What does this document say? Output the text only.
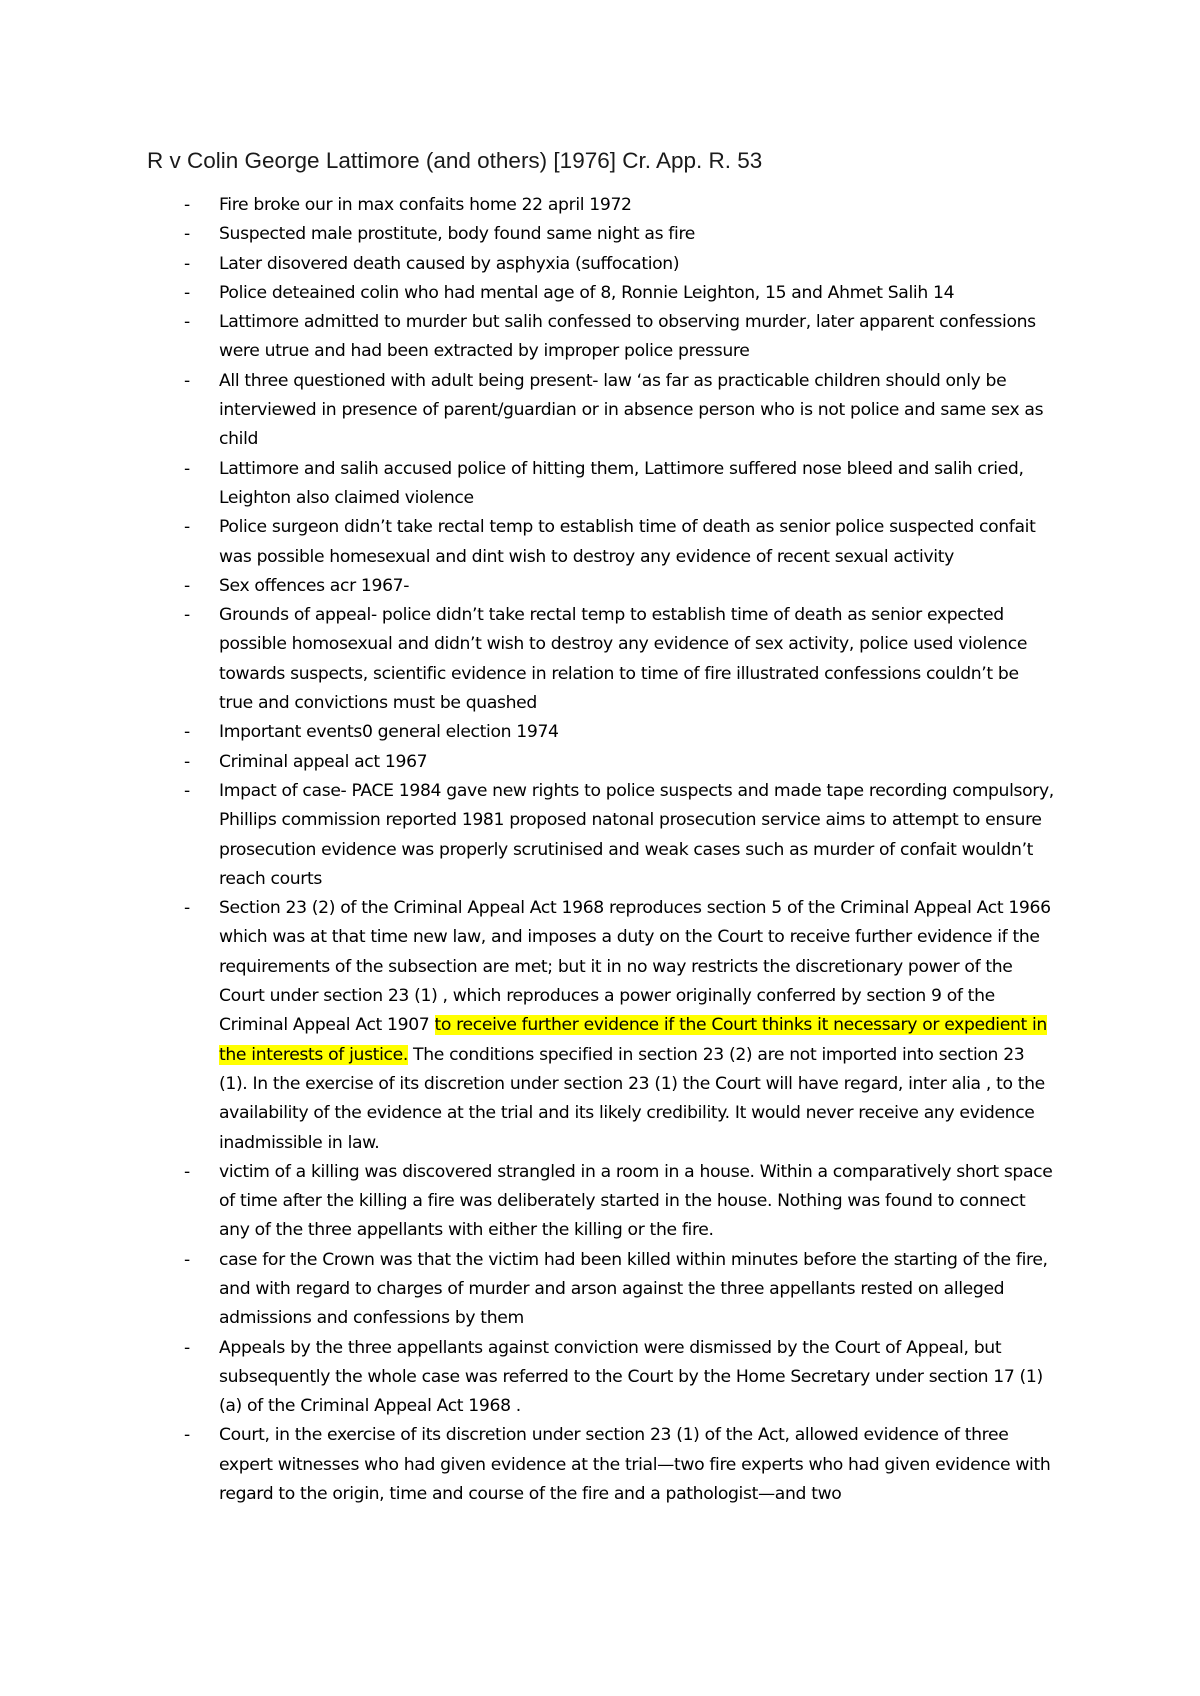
R v Colin George Lattimore (and others) [1976] Cr. App. R. 53
- Fire broke our in max confaits home 22 april 1972
- Suspected male prostitute, body found same night as fire
- Later disovered death caused by asphyxia (suffocation)
- Police deteained colin who had mental age of 8, Ronnie Leighton, 15 and Ahmet Salih 14
- Lattimore admitted to murder but salih confessed to observing murder, later apparent confessions were utrue and had been extracted by improper police pressure
- All three questioned with adult being present- law ‘as far as practicable children should only be interviewed in presence of parent/guardian or in absence person who is not police and same sex as child
- Lattimore and salih accused police of hitting them, Lattimore suffered nose bleed and salih cried, Leighton also claimed violence
- Police surgeon didn’t take rectal temp to establish time of death as senior police suspected confait was possible homesexual and dint wish to destroy any evidence of recent sexual activity
- Sex offences acr 1967-
- Grounds of appeal- police didn’t take rectal temp to establish time of death as senior expected possible homosexual and didn’t wish to destroy any evidence of sex activity, police used violence towards suspects, scientific evidence in relation to time of fire illustrated confessions couldn’t be true and convictions must be quashed
- Important events0 general election 1974
- Criminal appeal act 1967
- Impact of case- PACE 1984 gave new rights to police suspects and made tape recording compulsory, Phillips commission reported 1981 proposed natonal prosecution service aims to attempt to ensure prosecution evidence was properly scrutinised and weak cases such as murder of confait wouldn’t reach courts
- Section 23 (2) of the Criminal Appeal Act 1968 reproduces section 5 of the Criminal Appeal Act 1966 which was at that time new law, and imposes a duty on the Court to receive further evidence if the requirements of the subsection are met; but it in no way restricts the discretionary power of the Court under section 23 (1) , which reproduces a power originally conferred by section 9 of the Criminal Appeal Act 1907 to receive further evidence if the Court thinks it necessary or expedient in the interests of justice. The conditions specified in section 23 (2) are not imported into section 23 (1). In the exercise of its discretion under section 23 (1) the Court will have regard, inter alia , to the availability of the evidence at the trial and its likely credibility. It would never receive any evidence inadmissible in law.
- victim of a killing was discovered strangled in a room in a house. Within a comparatively short space of time after the killing a fire was deliberately started in the house. Nothing was found to connect any of the three appellants with either the killing or the fire.
- case for the Crown was that the victim had been killed within minutes before the starting of the fire, and with regard to charges of murder and arson against the three appellants rested on alleged admissions and confessions by them
- Appeals by the three appellants against conviction were dismissed by the Court of Appeal, but subsequently the whole case was referred to the Court by the Home Secretary under section 17 (1) (a) of the Criminal Appeal Act 1968 .
- Court, in the exercise of its discretion under section 23 (1) of the Act, allowed evidence of three expert witnesses who had given evidence at the trial—two fire experts who had given evidence with regard to the origin, time and course of the fire and a pathologist—and two
